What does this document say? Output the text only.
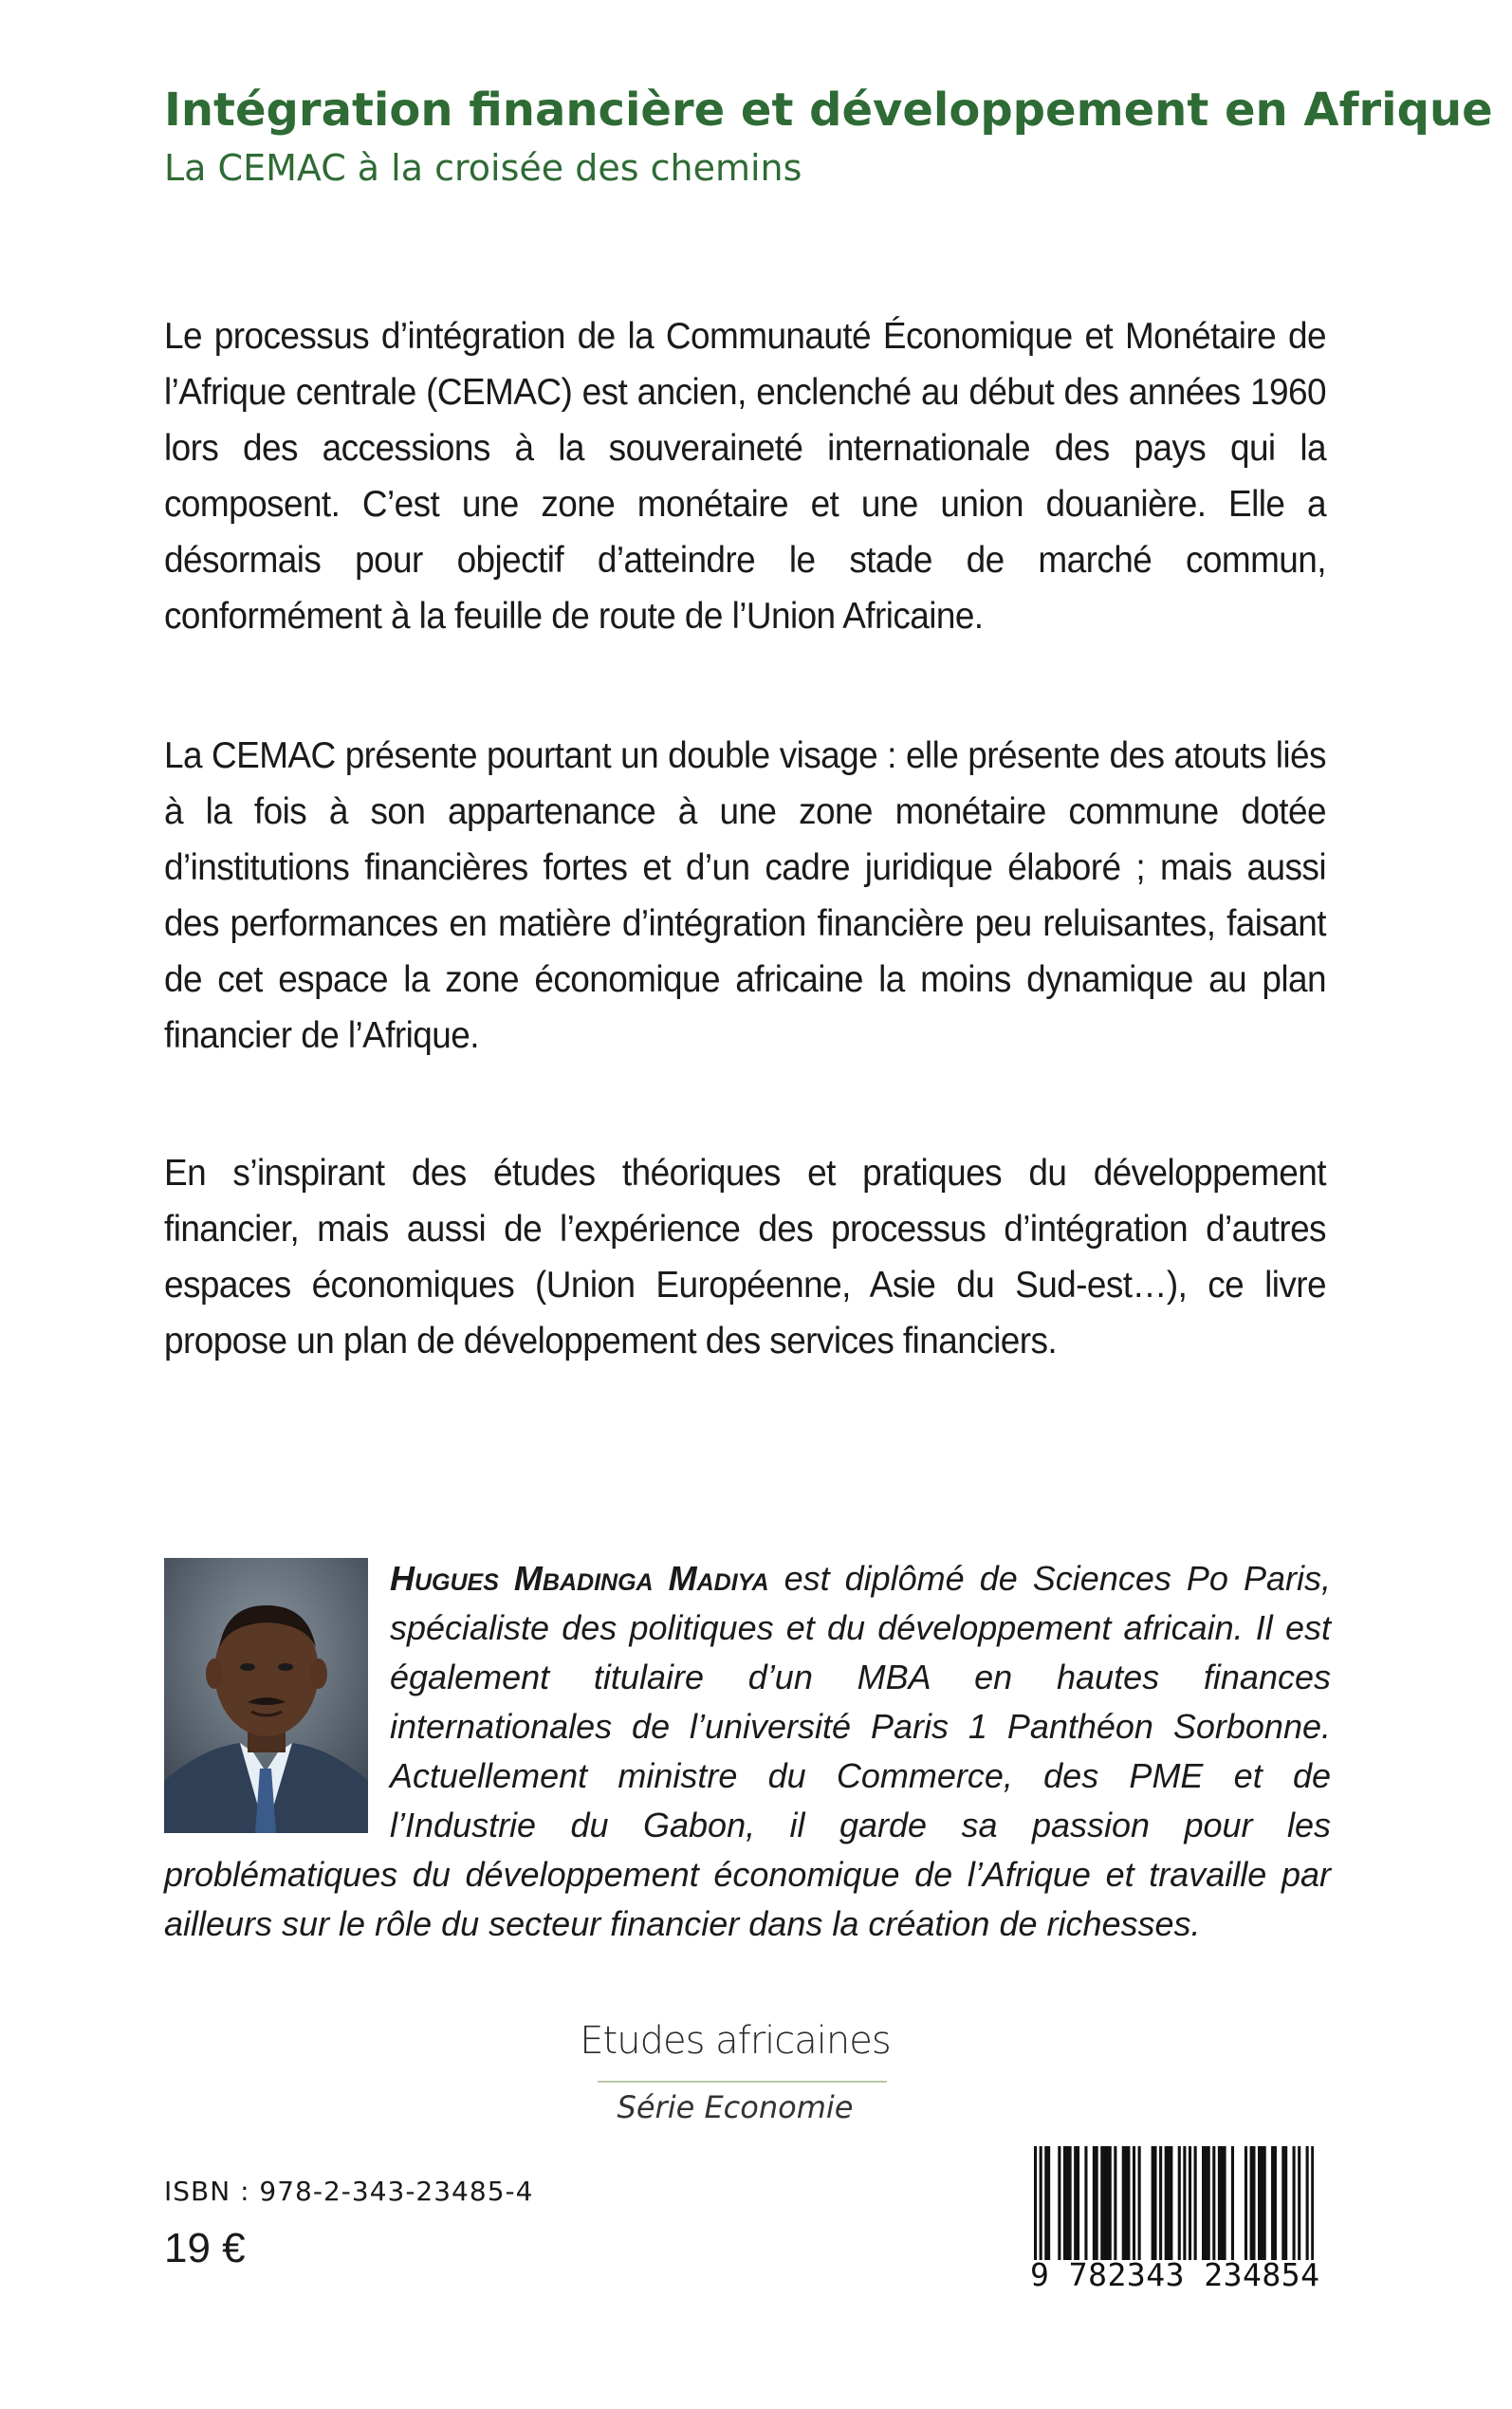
Intégration financière et développement en Afrique
La CEMAC à la croisée des chemins
Le processus d’intégration de la Communauté Économique et Monétaire de l’Afrique centrale (CEMAC) est ancien, enclenché au début des années 1960 lors des accessions à la souveraineté internationale des pays qui la composent. C’est une zone monétaire et une union douanière. Elle a désormais pour objectif d’atteindre le stade de marché commun, conformément à la feuille de route de l’Union Africaine.
La CEMAC présente pourtant un double visage : elle présente des atouts liés à la fois à son appartenance à une zone monétaire commune dotée d’institutions financières fortes et d’un cadre juridique élaboré ; mais aussi des performances en matière d’intégration financière peu reluisantes, faisant de cet espace la zone économique africaine la moins dynamique au plan financier de l’Afrique.
En s’inspirant des études théoriques et pratiques du développement financier, mais aussi de l’expérience des processus d’intégration d’autres espaces économiques (Union Européenne, Asie du Sud-est…), ce livre propose un plan de développement des services financiers.
Hugues Mbadinga Madiya est diplômé de Sciences Po Paris, spécialiste des politiques et du développement africain. Il est également titulaire d’un MBA en hautes finances internationales de l’université Paris 1 Panthéon Sorbonne. Actuellement ministre du Commerce, des PME et de l’Industrie du Gabon, il garde sa passion pour les problématiques du développement économique de l’Afrique et travaille par ailleurs sur le rôle du secteur financier dans la création de richesses.
Etudes africaines
Série Economie
ISBN : 978-2-343-23485-4
19 €
9 782343 234854
